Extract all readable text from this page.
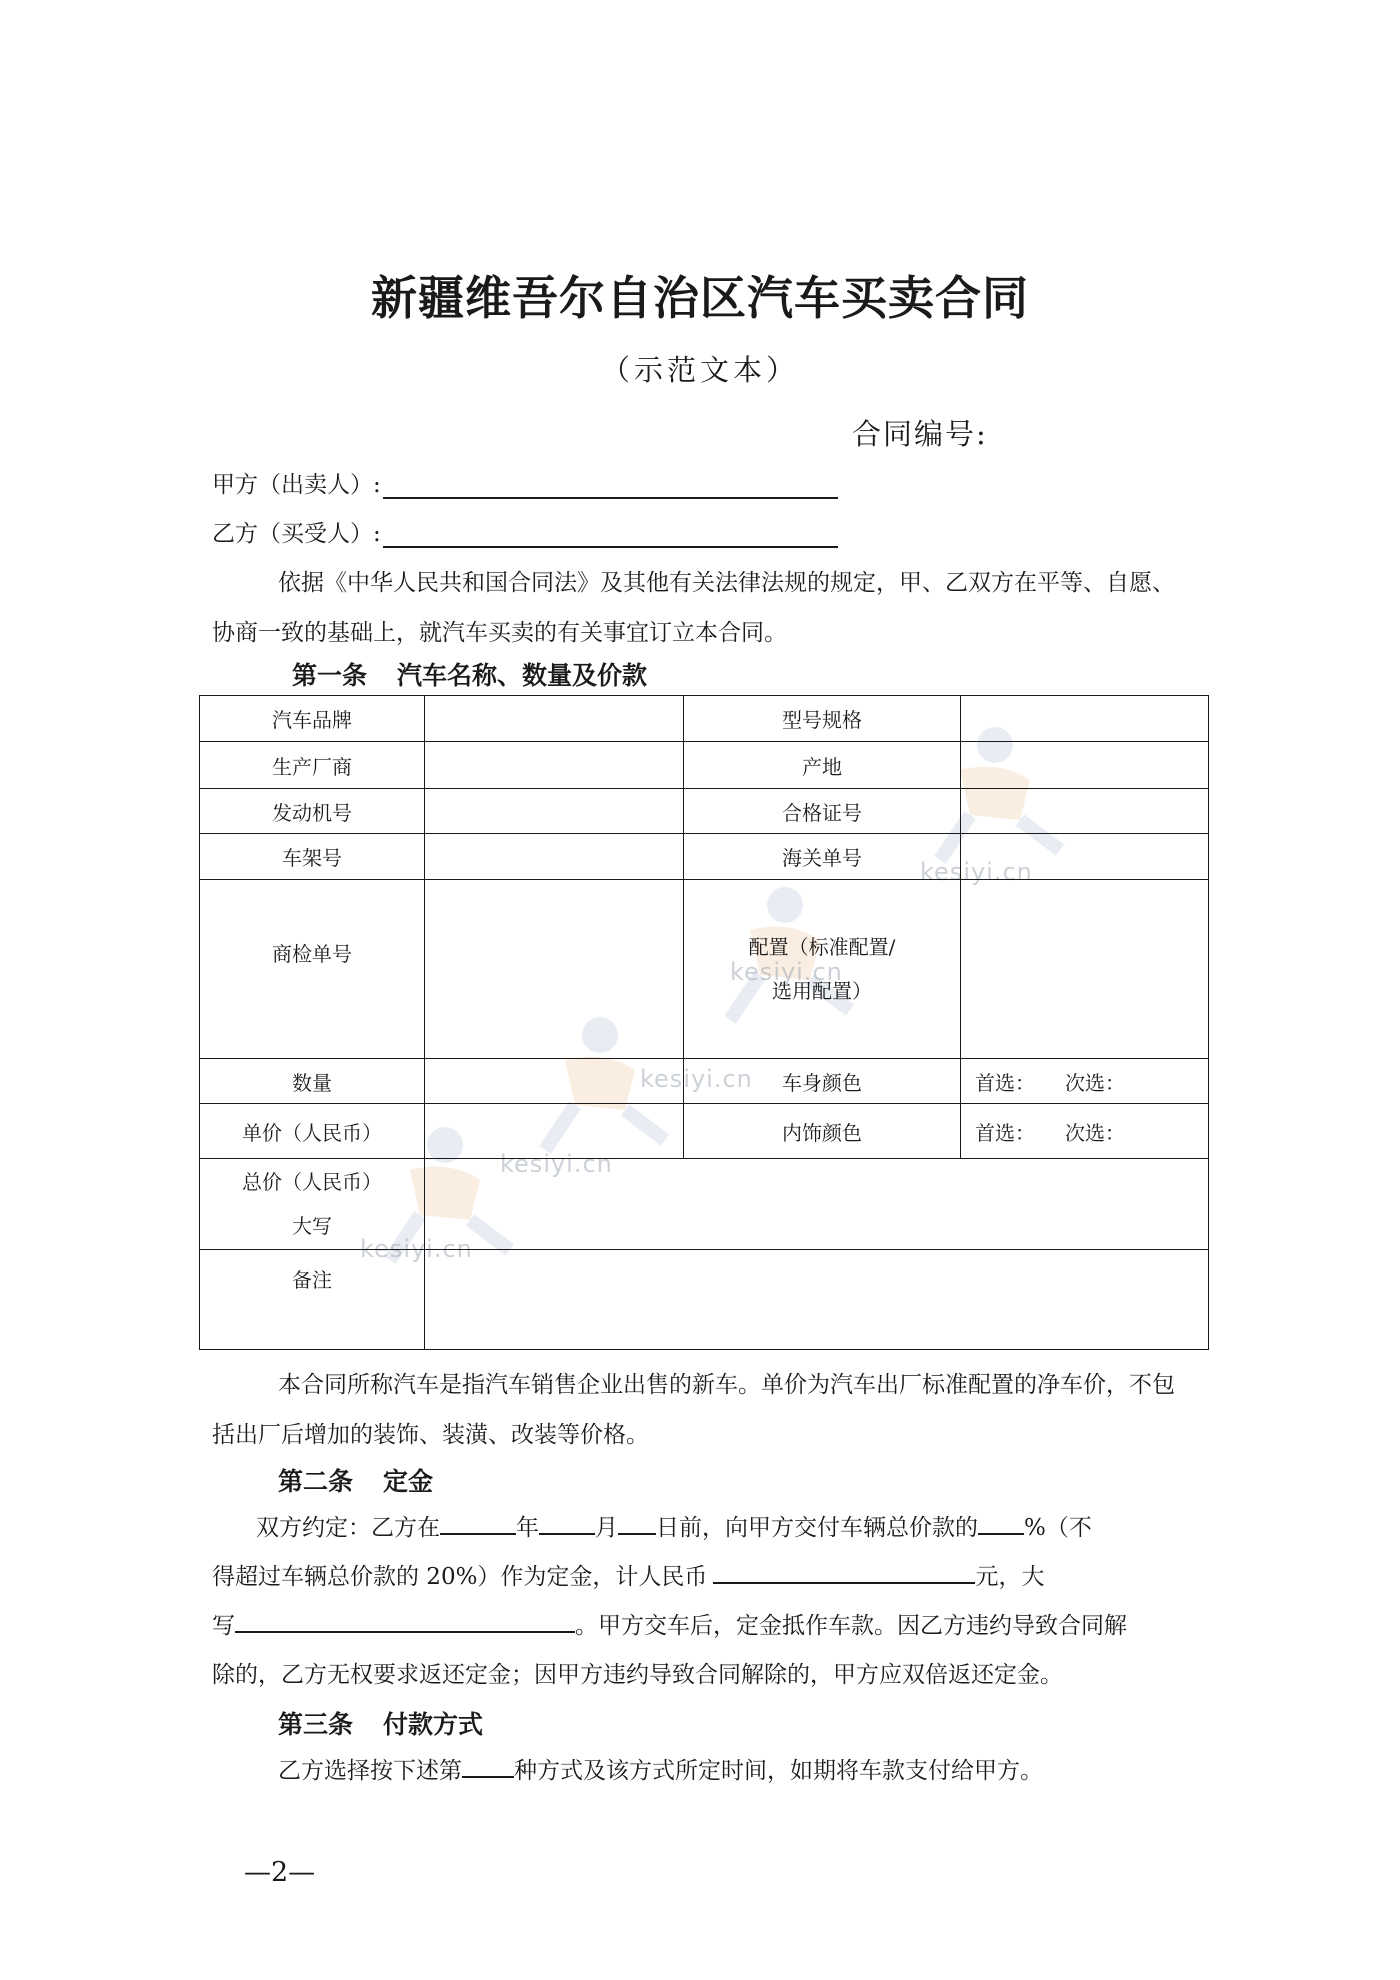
kesiyi.cn
kesiyi.cn
kesiyi.cn
kesiyi.cn
kesiyi.cn
新疆维吾尔自治区汽车买卖合同
（示范文本）
合同编号:
甲方（出卖人）:
乙方（买受人）:
依据《中华人民共和国合同法》及其他有关法律法规的规定，甲、乙双方在平等、自愿、协商一致的基础上，就汽车买卖的有关事宜订立本合同。
第一条 汽车名称、数量及价款
汽车品牌		型号规格	
生产厂商		产地	
发动机号		合格证号	
车架号		海关单号	
商检单号		配置（标准配置/
选用配置）	

数量		车身颜色	首选： 次选：
单价（人民币）		内饰颜色	首选： 次选：

总价（人民币）
大写			

备注			
本合同所称汽车是指汽车销售企业出售的新车。单价为汽车出厂标准配置的净车价，不包括出厂后增加的装饰、装潢、改装等价格。
第二条 定金
双方约定：乙方在	年 月 日前，向甲方交付车辆总价款的 %（不
得超过车辆总价款的 20%）作为定金，计人民币	元，大
写	。甲方交车后，定金抵作车款。因乙方违约导致合同解
除的，乙方无权要求返还定金；因甲方违约导致合同解除的，甲方应双倍返还定金。
第三条 付款方式
乙方选择按下述第 种方式及该方式所定时间，如期将车款支付给甲方。
—2—
